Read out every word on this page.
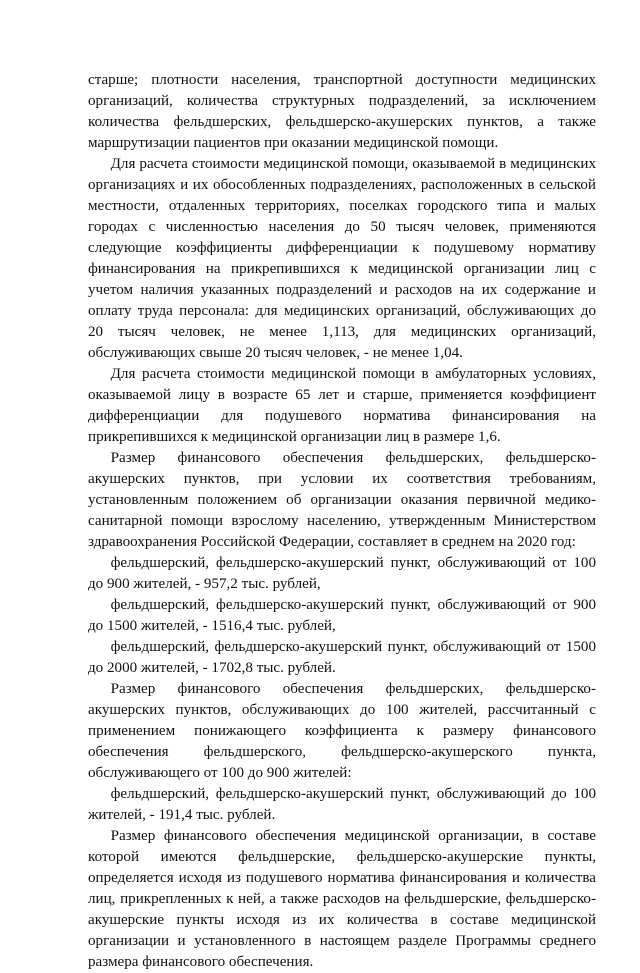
старше; плотности населения, транспортной доступности медицинских организаций, количества структурных подразделений, за исключением количества фельдшерских, фельдшерско-акушерских пунктов, а также маршрутизации пациентов при оказании медицинской помощи.

Для расчета стоимости медицинской помощи, оказываемой в медицинских организациях и их обособленных подразделениях, расположенных в сельской местности, отдаленных территориях, поселках городского типа и малых городах с численностью населения до 50 тысяч человек, применяются следующие коэффициенты дифференциации к подушевому нормативу финансирования на прикрепившихся к медицинской организации лиц с учетом наличия указанных подразделений и расходов на их содержание и оплату труда персонала: для медицинских организаций, обслуживающих до 20 тысяч человек, не менее 1,113, для медицинских организаций, обслуживающих свыше 20 тысяч человек, - не менее 1,04.

Для расчета стоимости медицинской помощи в амбулаторных условиях, оказываемой лицу в возрасте 65 лет и старше, применяется коэффициент дифференциации для подушевого норматива финансирования на прикрепившихся к медицинской организации лиц в размере 1,6.

Размер финансового обеспечения фельдшерских, фельдшерско-акушерских пунктов, при условии их соответствия требованиям, установленным положением об организации оказания первичной медико-санитарной помощи взрослому населению, утвержденным Министерством здравоохранения Российской Федерации, составляет в среднем на 2020 год:

фельдшерский, фельдшерско-акушерский пункт, обслуживающий от 100 до 900 жителей, - 957,2 тыс. рублей,

фельдшерский, фельдшерско-акушерский пункт, обслуживающий от 900 до 1500 жителей, - 1516,4 тыс. рублей,

фельдшерский, фельдшерско-акушерский пункт, обслуживающий от 1500 до 2000 жителей, - 1702,8 тыс. рублей.

Размер финансового обеспечения фельдшерских, фельдшерско-акушерских пунктов, обслуживающих до 100 жителей, рассчитанный с применением понижающего коэффициента к размеру финансового обеспечения фельдшерского, фельдшерско-акушерского пункта, обслуживающего от 100 до 900 жителей:

фельдшерский, фельдшерско-акушерский пункт, обслуживающий до 100 жителей, - 191,4 тыс. рублей.

Размер финансового обеспечения медицинской организации, в составе которой имеются фельдшерские, фельдшерско-акушерские пункты, определяется исходя из подушевого норматива финансирования и количества лиц, прикрепленных к ней, а также расходов на фельдшерские, фельдшерско-акушерские пункты исходя из их количества в составе медицинской организации и установленного в настоящем разделе Программы среднего размера финансового обеспечения.
